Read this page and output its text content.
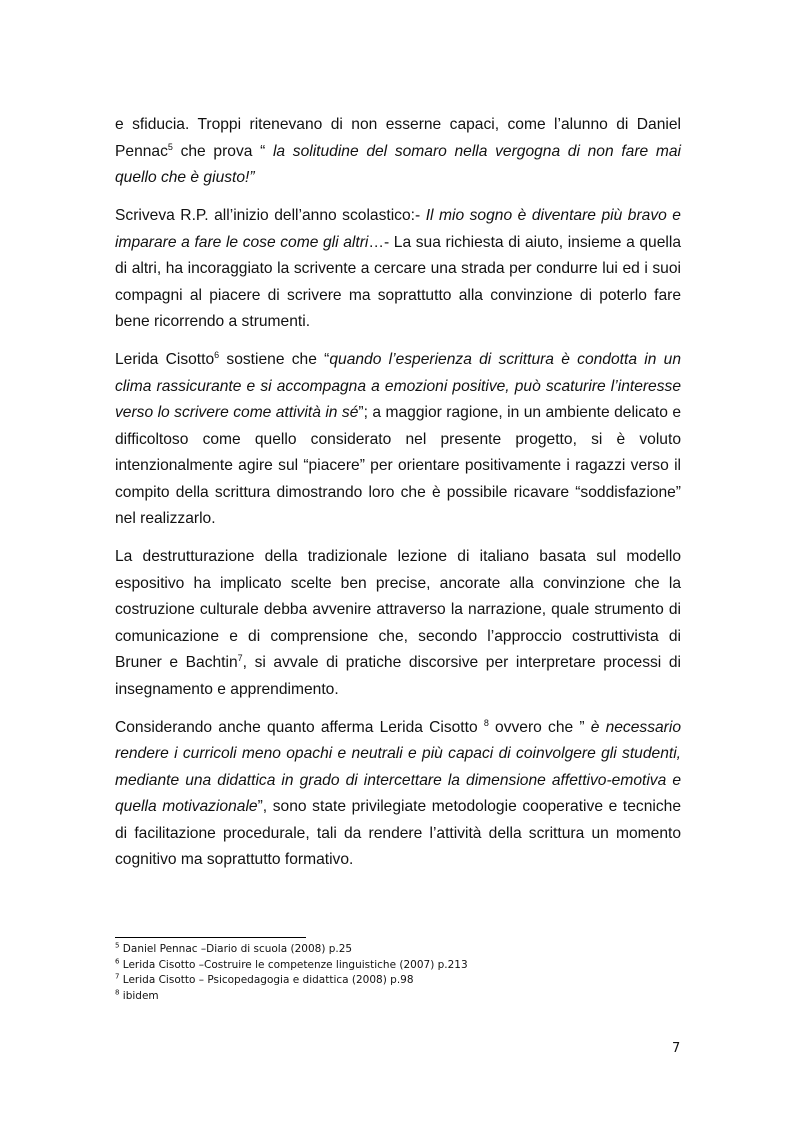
e sfiducia. Troppi ritenevano di non esserne capaci, come l’alunno di Daniel Pennac$^5$ che prova “ la solitudine del somaro nella vergogna di non fare mai quello che è giusto!”

Scriveva R.P. all’inizio dell’anno scolastico:- Il mio sogno è diventare più bravo e imparare a fare le cose come gli altri…- La sua richiesta di aiuto, insieme a quella di altri, ha incoraggiato la scrivente a cercare una strada per condurre lui ed i suoi compagni al piacere di scrivere ma soprattutto alla convinzione di poterlo fare bene ricorrendo a strumenti.

Lerida Cisotto$^6$ sostiene che “quando l’esperienza di scrittura è condotta in un clima rassicurante e si accompagna a emozioni positive, può scaturire l’interesse verso lo scrivere come attività in sé”; a maggior ragione, in un ambiente delicato e difficoltoso come quello considerato nel presente progetto, si è voluto intenzionalmente agire sul “piacere” per orientare positivamente i ragazzi verso il compito della scrittura dimostrando loro che è possibile ricavare “soddisfazione” nel realizzarlo.

La destrutturazione della tradizionale lezione di italiano basata sul modello espositivo ha implicato scelte ben precise, ancorate alla convinzione che la costruzione culturale debba avvenire attraverso la narrazione, quale strumento di comunicazione e di comprensione che, secondo l’approccio costruttivista di Bruner e Bachtin$^7$, si avvale di pratiche discorsive per interpretare processi di insegnamento e apprendimento.

Considerando anche quanto afferma Lerida Cisotto $^8$ ovvero che ” è necessario rendere i curricoli meno opachi e neutrali e più capaci di coinvolgere gli studenti, mediante una didattica in grado di intercettare la dimensione affettivo-emotiva e quella motivazionale”, sono state privilegiate metodologie cooperative e tecniche di facilitazione procedurale, tali da rendere l’attività della scrittura un momento cognitivo ma soprattutto formativo.

$^5$ Daniel Pennac –Diario di scuola (2008) p.25
$^6$ Lerida Cisotto –Costruire le competenze linguistiche (2007) p.213
$^7$ Lerida Cisotto – Psicopedagogia e didattica (2008) p.98
$^8$ ibidem
7
